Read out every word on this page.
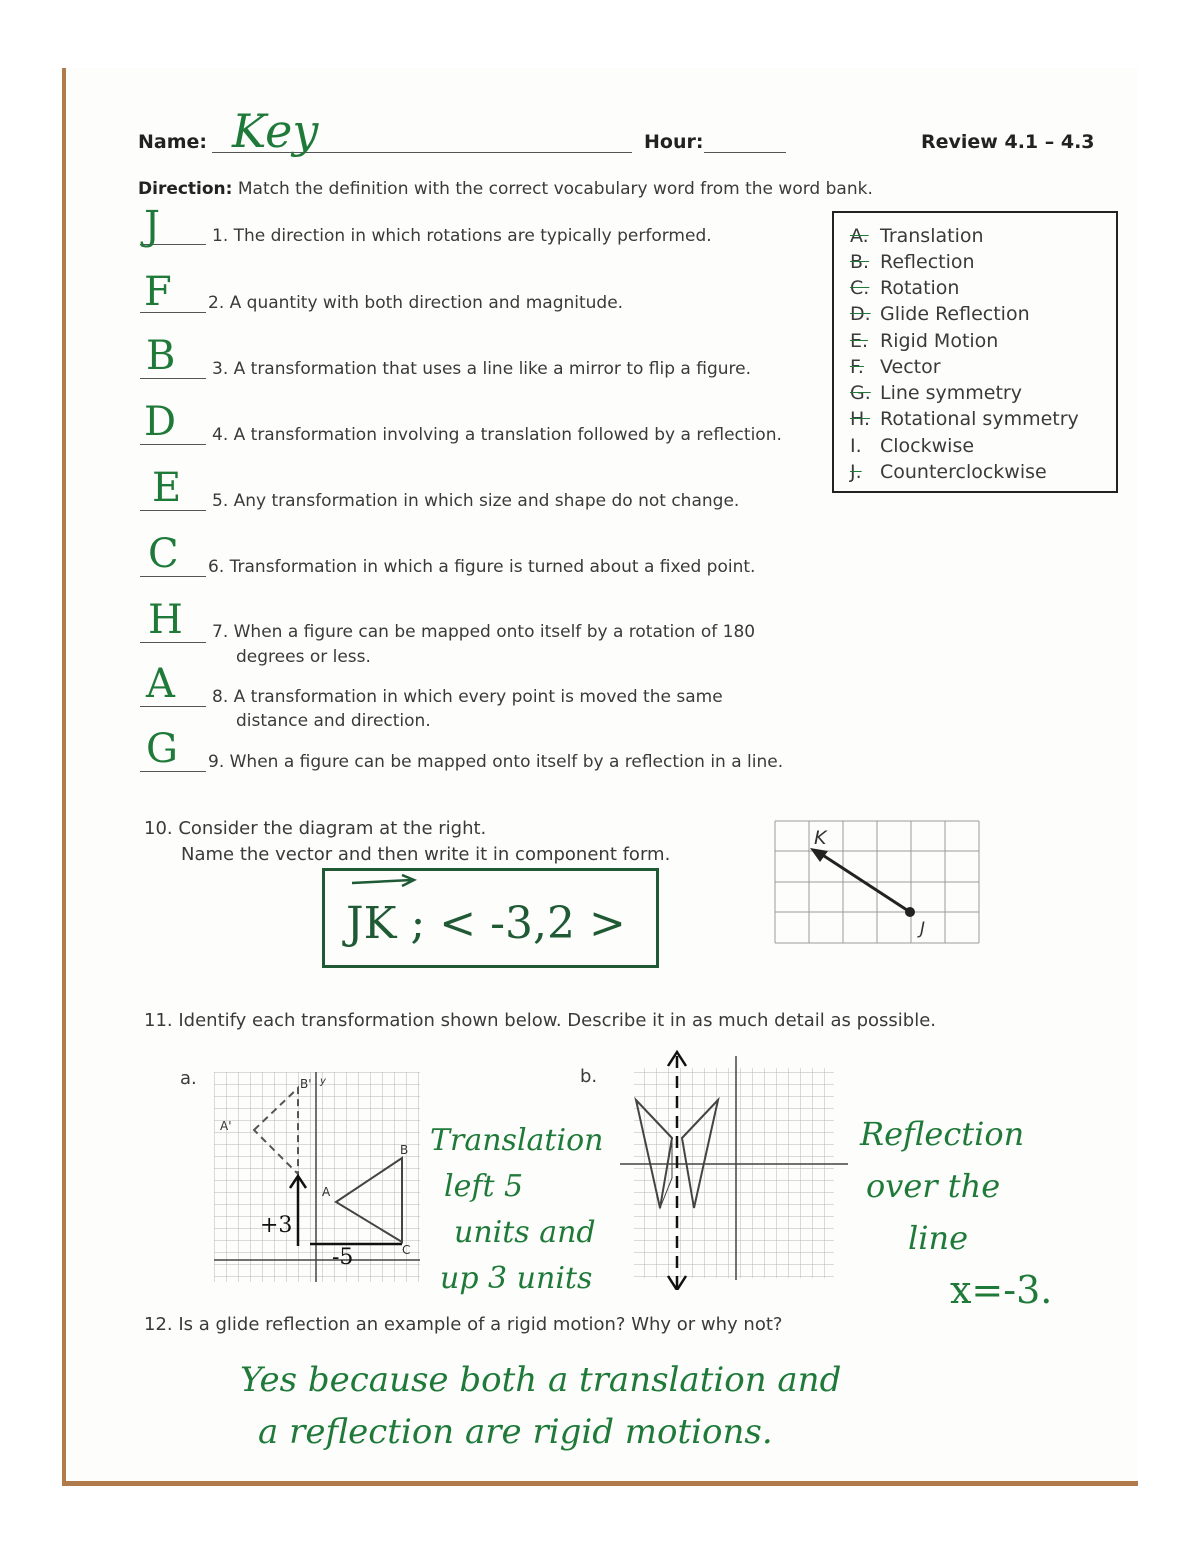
Name: Key	Hour:	Review 4.1 – 4.3
Direction: Match the definition with the correct vocabulary word from the word bank.
J	1. The direction in which rotations are typically performed.
F 2. A quantity with both direction and magnitude.
B 3. A transformation that uses a line like a mirror to flip a figure.
D 4. A transformation involving a translation followed by a reflection.
E 5. Any transformation in which size and shape do not change.
C 6. Transformation in which a figure is turned about a fixed point.
H 7. When a figure can be mapped onto itself by a rotation of 180
degrees or less.
A 8. A transformation in which every point is moved the same
distance and direction.
G 9. When a figure can be mapped onto itself by a reflection in a line.
A. Translation
B. Reflection
C. Rotation
D. Glide Reflection
E. Rigid Motion
F. Vector
G. Line symmetry
H. Rotational symmetry
I. Clockwise
J. Counterclockwise
10. Consider the diagram at the right.
Name the vector and then write it in component form.
JK ; < -3,2 >
K
J
11. Identify each transformation shown below. Describe it in as much detail as possible.
a.	b.
A'
B' y
A
B
C
+3
-5
Translation
left 5
units and
up 3 units
Reflection
over the
line
x=-3.
12. Is a glide reflection an example of a rigid motion? Why or why not?
Yes because both a translation and
a reflection are rigid motions.
